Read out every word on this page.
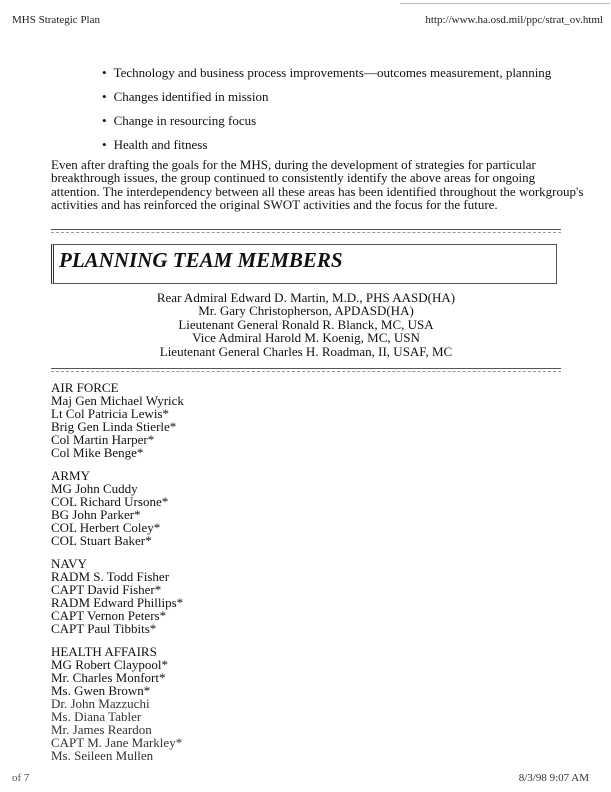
MHS Strategic Plan	http://www.ha.osd.mil/ppc/strat_ov.html
• Technology and business process improvements—outcomes measurement, planning
• Changes identified in mission
• Change in resourcing focus
• Health and fitness
Even after drafting the goals for the MHS, during the development of strategies for particular breakthrough issues, the group continued to consistently identify the above areas for ongoing attention. The interdependency between all these areas has been identified throughout the workgroup's activities and has reinforced the original SWOT activities and the focus for the future.
PLANNING TEAM MEMBERS
Rear Admiral Edward D. Martin, M.D., PHS AASD(HA)
Mr. Gary Christopherson, APDASD(HA)
Lieutenant General Ronald R. Blanck, MC, USA
Vice Admiral Harold M. Koenig, MC, USN
Lieutenant General Charles H. Roadman, II, USAF, MC
AIR FORCE
Maj Gen Michael Wyrick
Lt Col Patricia Lewis*
Brig Gen Linda Stierle*
Col Martin Harper*
Col Mike Benge*
ARMY
MG John Cuddy
COL Richard Ursone*
BG John Parker*
COL Herbert Coley*
COL Stuart Baker*
NAVY
RADM S. Todd Fisher
CAPT David Fisher*
RADM Edward Phillips*
CAPT Vernon Peters*
CAPT Paul Tibbits*
HEALTH AFFAIRS
MG Robert Claypool*
Mr. Charles Monfort*
Ms. Gwen Brown*
Dr. John Mazzuchi
Ms. Diana Tabler
Mr. James Reardon
CAPT M. Jane Markley*
Ms. Seileen Mullen
of 7	8/3/98 9:07 AM
